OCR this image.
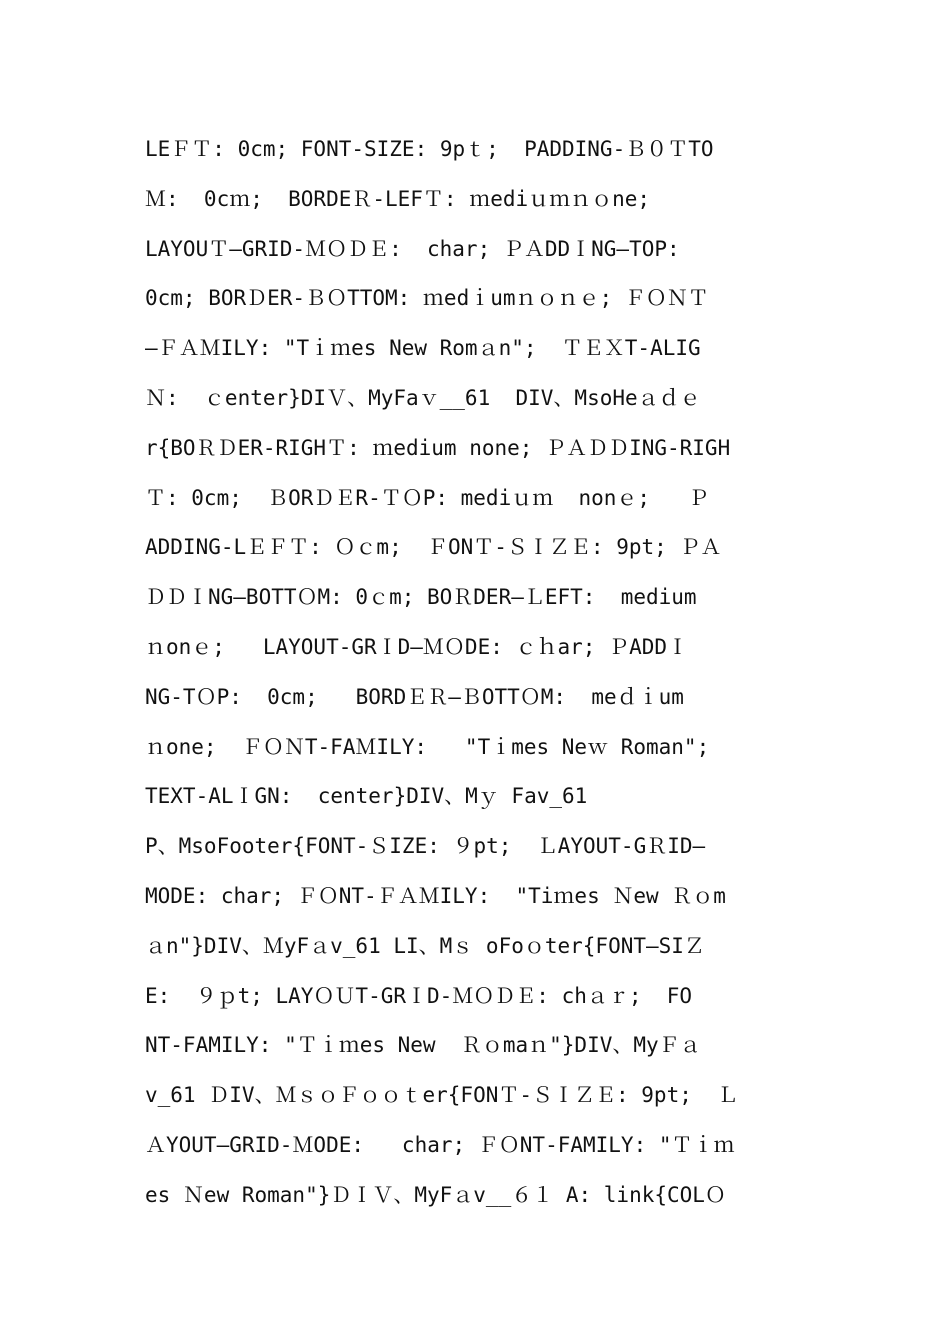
LEＦＴ: 0cm; FONT-SIZE: 9pｔ;  PADDING-Ｂ０ＴTO
Ｍ:  0cｍ;  BORDEＲ-LEFＴ: ｍediｕｍｎｏne;
LAYOUＴ—GRID-ＭＯＤＥ:  char; ＰＡDDＩNG—TOP:
0cm; BORＤER-ＢＯTTOM: ｍedｉumｎｏｎｅ; ＦＯＮＴ
—ＦＡＭILY: "Tｉｍes New Romａn";  ＴＥＸT-ALIG
Ｎ:  ｃenter}DIＶ、MyFaｖ__61  DIV、MsoHeａｄｅ
r{BOＲＤER-RIGHＴ: ｍedium none; ＰＡＤＤING-RIGH
Ｔ: 0cm;  ＢORＤＥR-ＴＯP: mediｕｍ  nonｅ;   Ｐ
ADDING-LＥＦＴ: Ｏｃm;  ＦONＴ-ＳＩＺＥ: 9pt; ＰＡ
ＤＤＩNG—BOTTＯM: 0ｃm; BOＲDER—ＬEFT:  medium
ｎonｅ;   LAYOUT-GRＩD—ＭＯDE: ｃｈar; ＰADDＩ
NG-TＯP:  0cm;   BORDＥＲ—ＢOTTＯM:  meｄｉum
ｎone;  ＦＯＮT-FAＭILY:   "Tｉmes Neｗ Roman";
TEXT-ALＩGN:  center}DIV、Mｙ Fav_61
P、MsoFooter{FONT-ＳIZE: ９pt;  ＬAYOUT-GＲID—
MODE: char; ＦＯNT-ＦＡＭILY:  "Tiｍes Ｎew Ｒｏm
ａn"}DIV、ＭyFａv_61 LI、Mｓ oFoｏter{FONT—SIＺ
E:  ９ｐt; LAYＯＵT-GRＩD-ＭＯＤＥ: chａｒ;  FO
NT-FAMILY: "Ｔｉｍes New  Ｒｏmaｎ"}DIV、MyＦａ
v_61 ＤIV、ＭｓｏＦｏｏｔer{FONＴ-ＳＩＺＥ: 9pt;  Ｌ
ＡYOUT—GRID-ＭODE:   char; ＦＯNT-FAMILY: "Ｔｉｍ
es Ｎew Roman"}ＤＩＶ、MyFａv__６１ A: link{COLＯ
